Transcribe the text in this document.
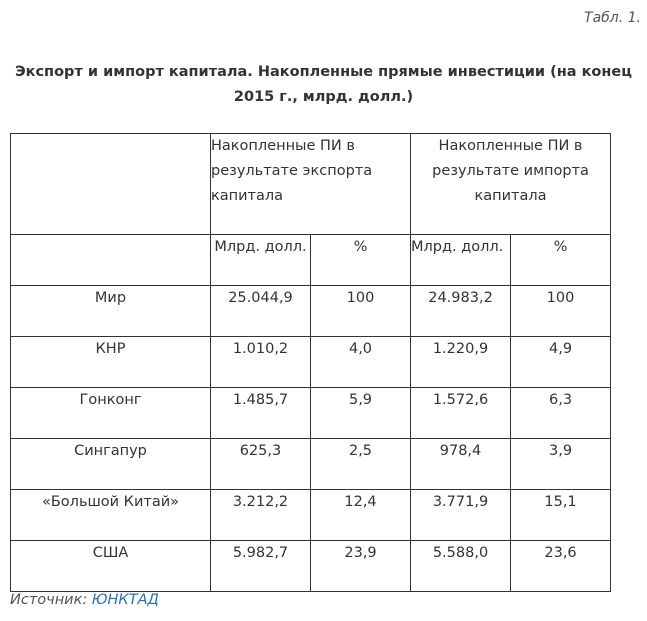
Табл. 1.
Экспорт и импорт капитала. Накопленные прямые инвестиции (на конец 2015 г., млрд. долл.)
	Накопленные ПИ в результате экспорта капитала		Накопленные ПИ в результате импорта капитала	
	Млрд. долл.	%	Млрд. долл.	%
Мир	25.044,9	100	24.983,2	100
КНР	1.010,2	4,0	1.220,9	4,9
Гонконг	1.485,7	5,9	1.572,6	6,3
Сингапур	625,3	2,5	978,4	3,9
«Большой Китай»	3.212,2	12,4	3.771,9	15,1
США	5.982,7	23,9	5.588,0	23,6
Источник: ЮНКТАД
